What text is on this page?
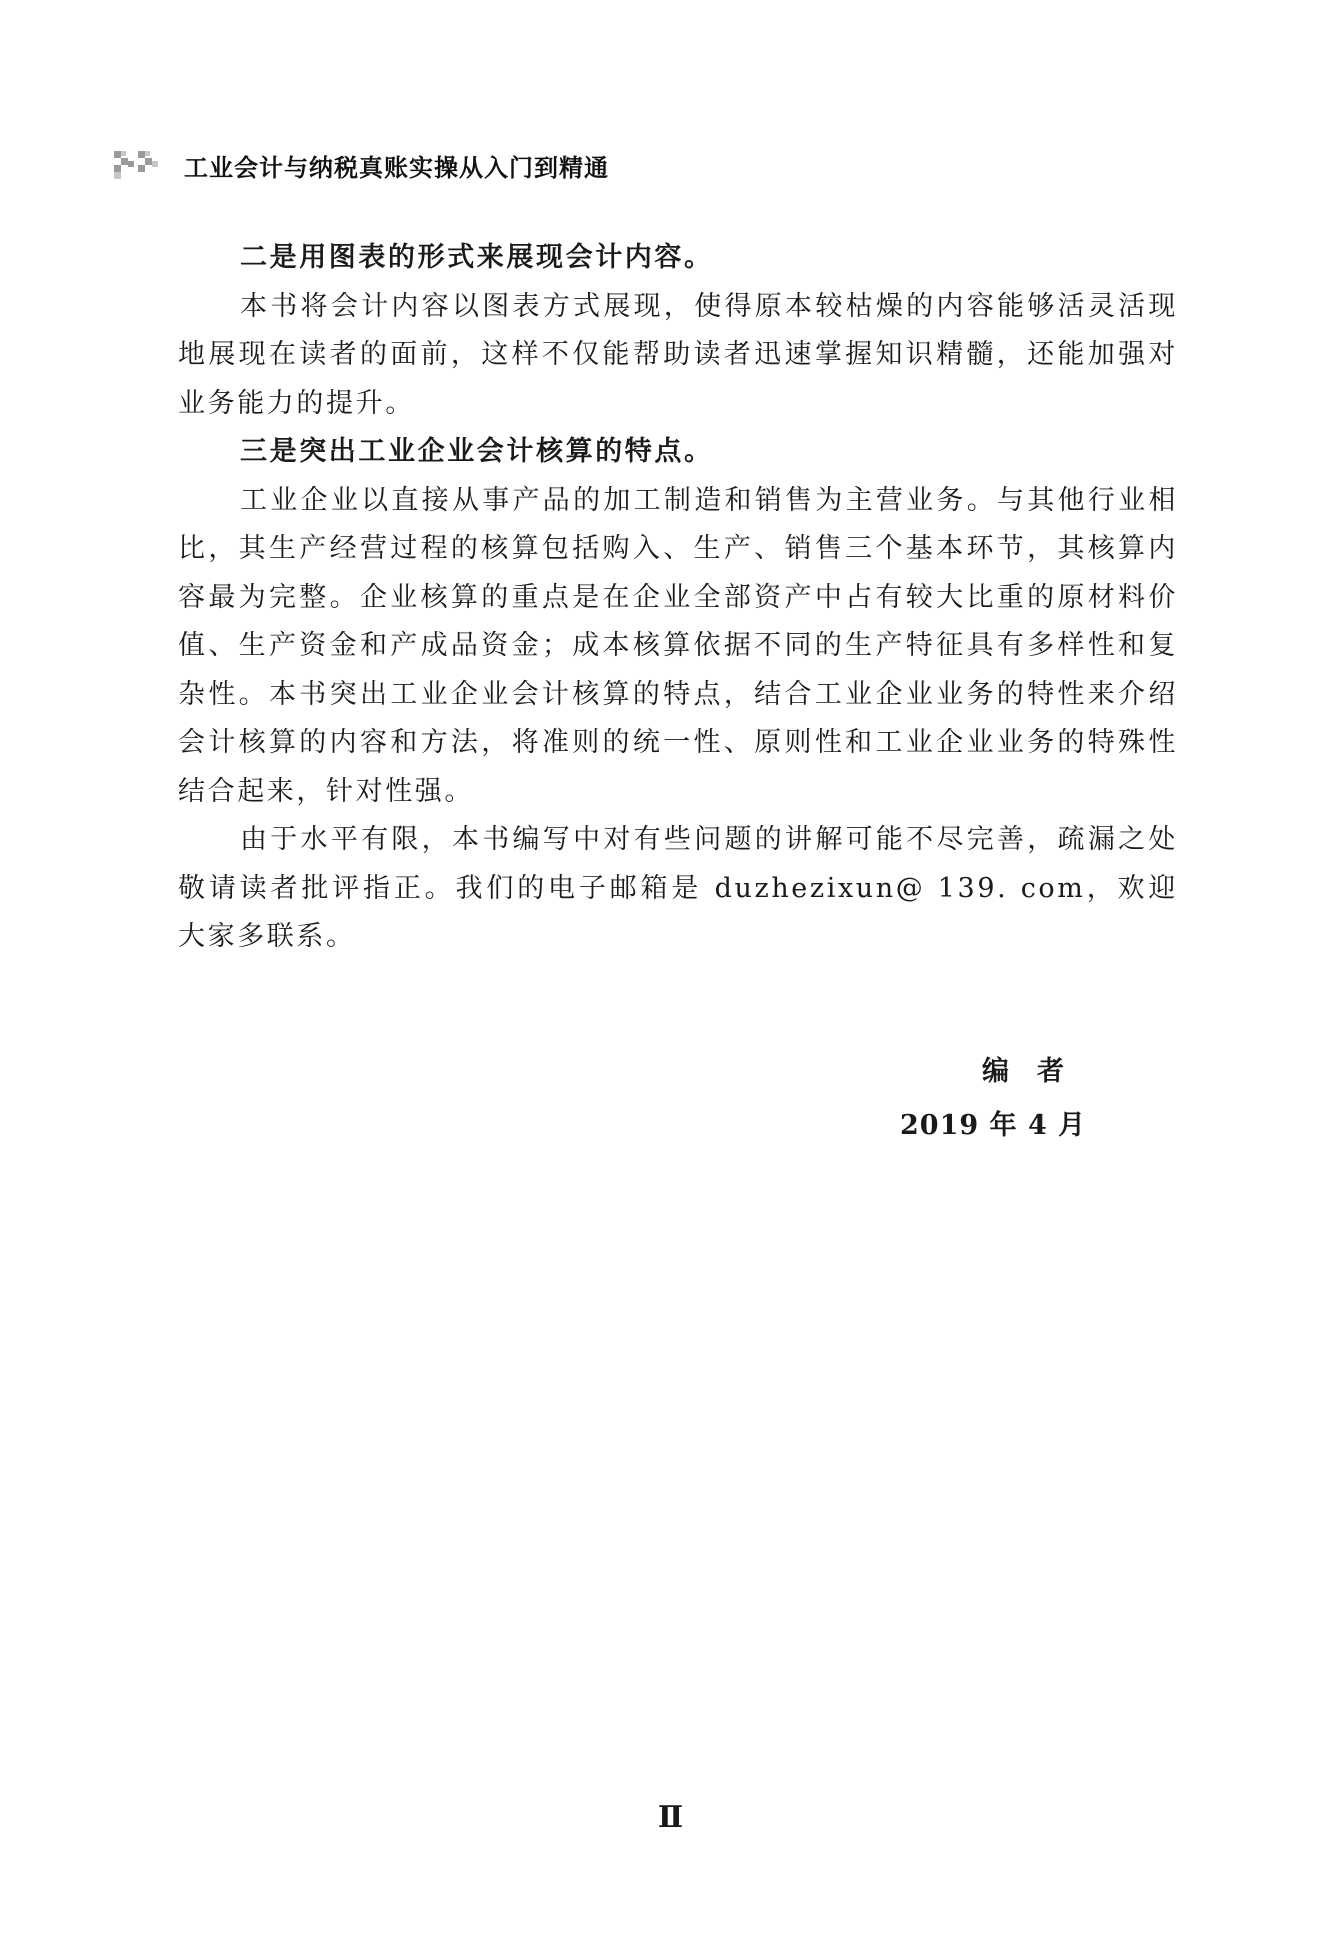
工业会计与纳税真账实操从入门到精通

二是用图表的形式来展现会计内容。

本书将会计内容以图表方式展现，使得原本较枯燥的内容能够活灵活现地展现在读者的面前，这样不仅能帮助读者迅速掌握知识精髓，还能加强对业务能力的提升。

三是突出工业企业会计核算的特点。

工业企业以直接从事产品的加工制造和销售为主营业务。与其他行业相比，其生产经营过程的核算包括购入、生产、销售三个基本环节，其核算内容最为完整。企业核算的重点是在企业全部资产中占有较大比重的原材料价值、生产资金和产成品资金；成本核算依据不同的生产特征具有多样性和复杂性。本书突出工业企业会计核算的特点，结合工业企业业务的特性来介绍会计核算的内容和方法，将准则的统一性、原则性和工业企业业务的特殊性结合起来，针对性强。

由于水平有限，本书编写中对有些问题的讲解可能不尽完善，疏漏之处敬请读者批评指正。我们的电子邮箱是 duzhezixun@ 139. com，欢迎大家多联系。

编者
2019 年 4 月
Ⅱ
